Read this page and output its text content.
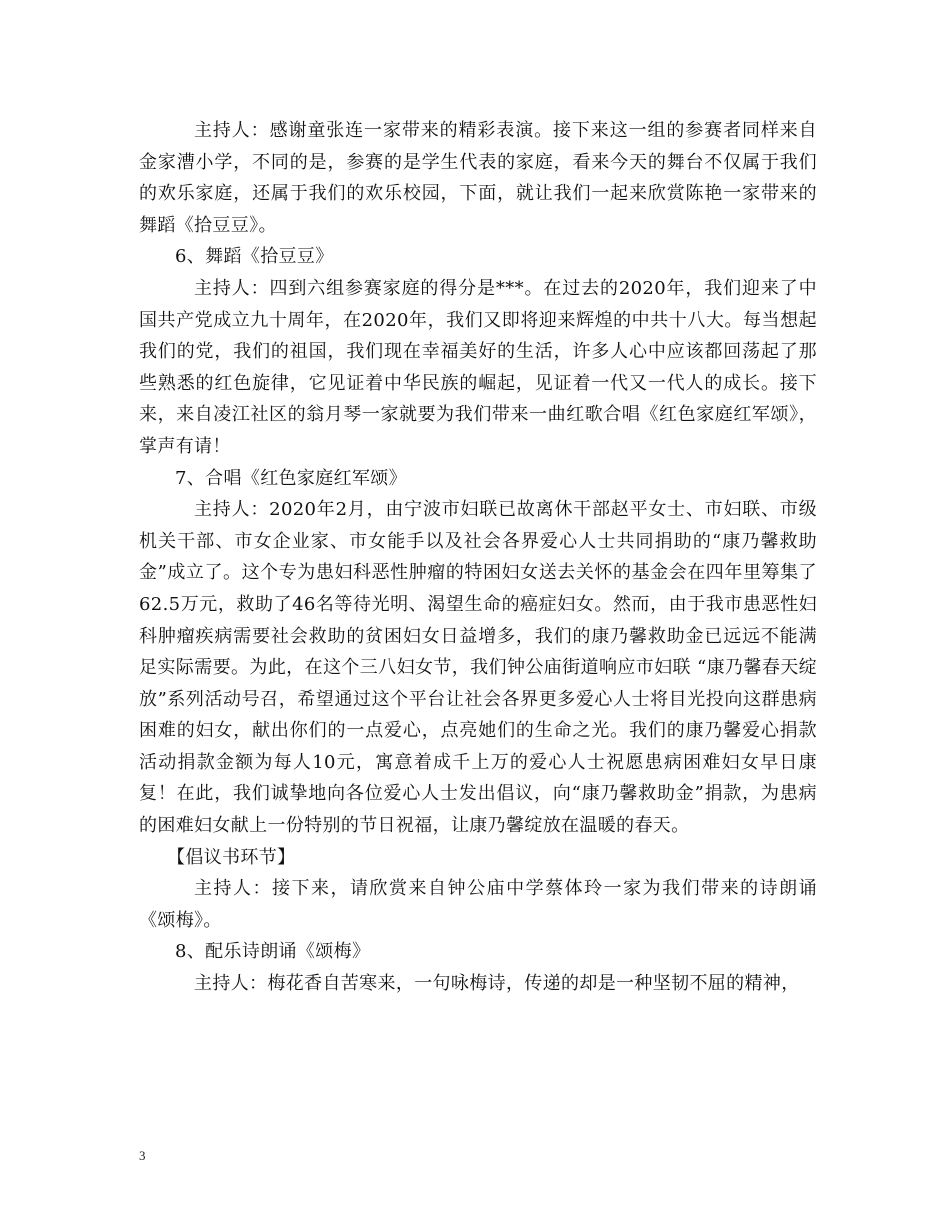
主持人：感谢童张连一家带来的精彩表演。接下来这一组的参赛者同样来自金家漕小学，不同的是，参赛的是学生代表的家庭，看来今天的舞台不仅属于我们的欢乐家庭，还属于我们的欢乐校园，下面，就让我们一起来欣赏陈艳一家带来的舞蹈《拾豆豆》。

6、舞蹈《拾豆豆》

主持人：四到六组参赛家庭的得分是***。在过去的2020年，我们迎来了中国共产党成立九十周年，在2020年，我们又即将迎来辉煌的中共十八大。每当想起我们的党，我们的祖国，我们现在幸福美好的生活，许多人心中应该都回荡起了那些熟悉的红色旋律，它见证着中华民族的崛起，见证着一代又一代人的成长。接下来，来自凌江社区的翁月琴一家就要为我们带来一曲红歌合唱《红色家庭红军颂》，掌声有请！

7、合唱《红色家庭红军颂》

主持人：2020年2月，由宁波市妇联已故离休干部赵平女士、市妇联、市级机关干部、市女企业家、市女能手以及社会各界爱心人士共同捐助的“康乃馨救助金”成立了。这个专为患妇科恶性肿瘤的特困妇女送去关怀的基金会在四年里筹集了62.5万元，救助了46名等待光明、渴望生命的癌症妇女。然而，由于我市患恶性妇科肿瘤疾病需要社会救助的贫困妇女日益增多，我们的康乃馨救助金已远远不能满足实际需要。为此，在这个三八妇女节，我们钟公庙街道响应市妇联 “康乃馨春天绽放”系列活动号召，希望通过这个平台让社会各界更多爱心人士将目光投向这群患病困难的妇女，献出你们的一点爱心，点亮她们的生命之光。我们的康乃馨爱心捐款活动捐款金额为每人10元，寓意着成千上万的爱心人士祝愿患病困难妇女早日康复！在此，我们诚挚地向各位爱心人士发出倡议，向“康乃馨救助金”捐款，为患病的困难妇女献上一份特别的节日祝福，让康乃馨绽放在温暖的春天。

【倡议书环节】

主持人：接下来，请欣赏来自钟公庙中学蔡体玲一家为我们带来的诗朗诵《颂梅》。

8、配乐诗朗诵《颂梅》

主持人：梅花香自苦寒来，一句咏梅诗，传递的却是一种坚韧不屈的精神，

3
